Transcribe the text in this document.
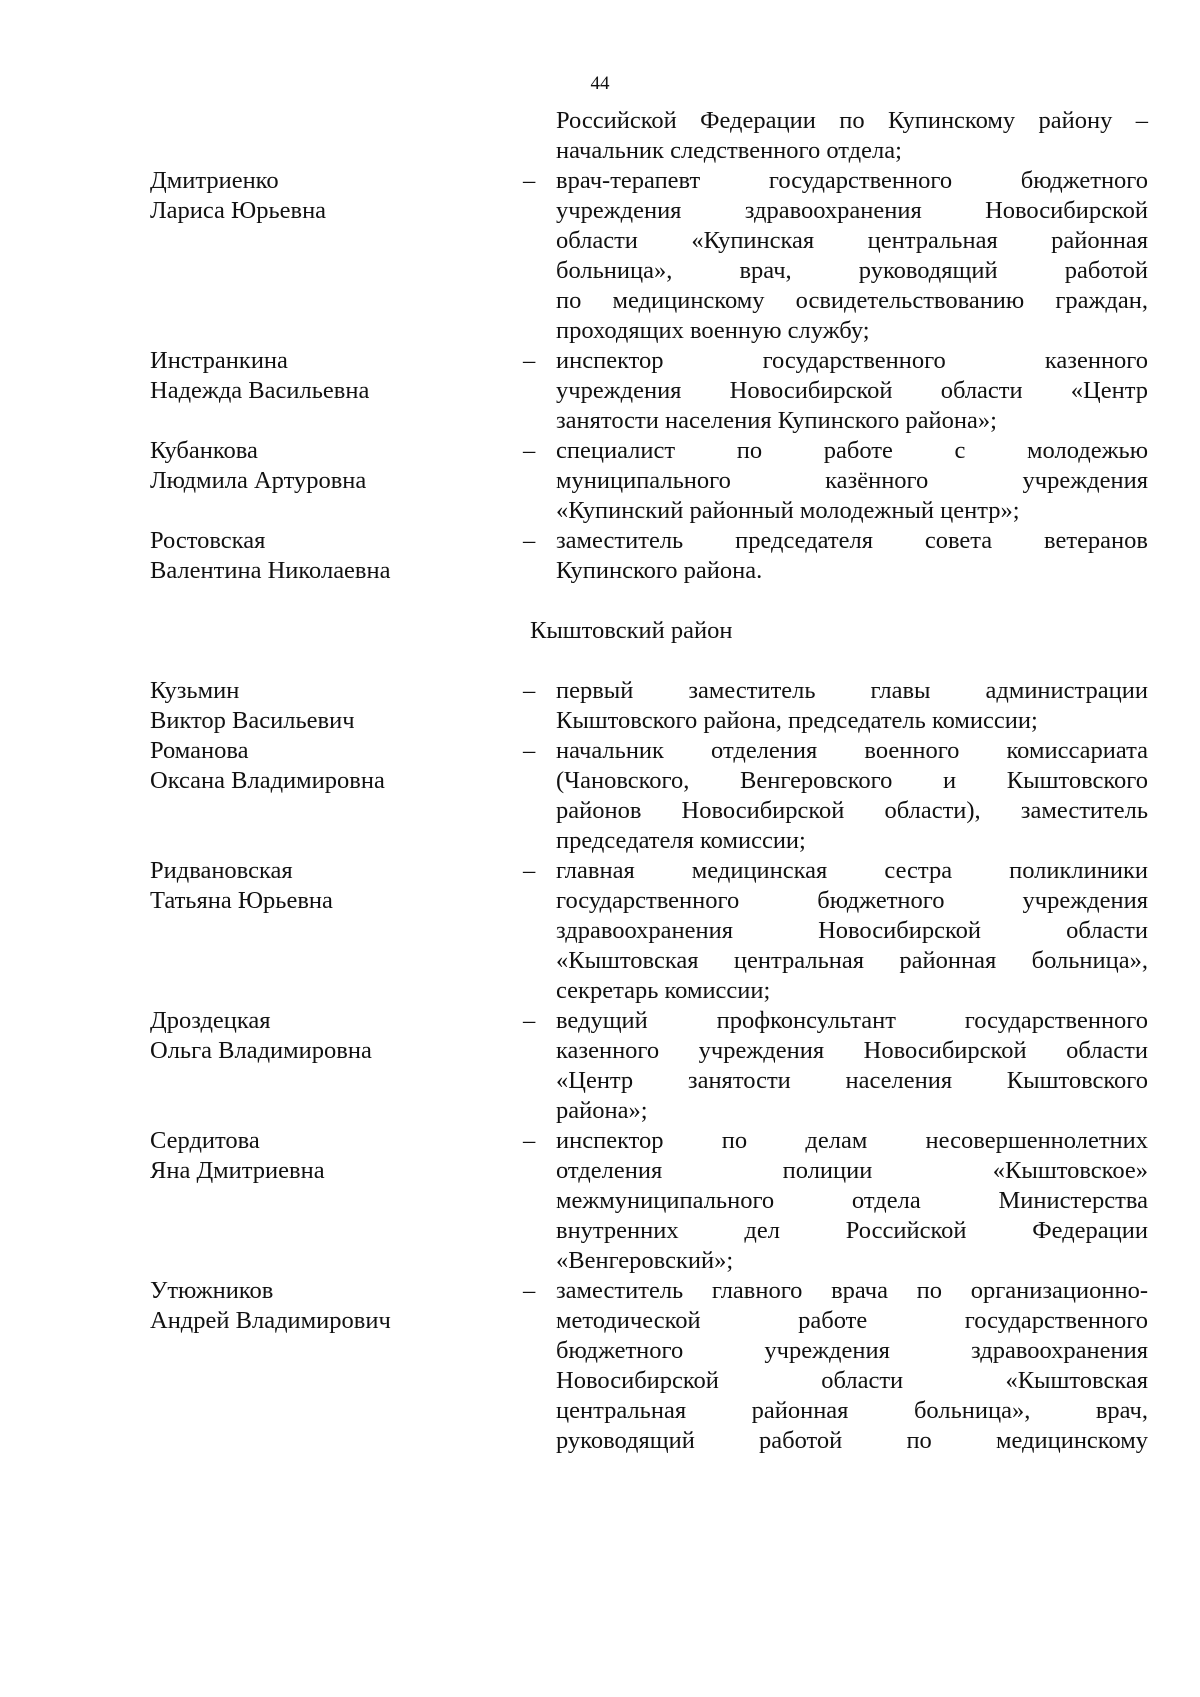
44
Российской Федерации по Купинскому району –
начальник следственного отдела;
Дмитриенко
Лариса Юрьевна
– врач-терапевт государственного бюджетного
учреждения здравоохранения Новосибирской
области «Купинская центральная районная
больница», врач, руководящий работой
по медицинскому освидетельствованию граждан,
проходящих военную службу;
Инстранкина
Надежда Васильевна
– инспектор государственного казенного
учреждения Новосибирской области «Центр
занятости населения Купинского района»;
Кубанкова
Людмила Артуровна
– специалист по работе с молодежью
муниципального казённого учреждения
«Купинский районный молодежный центр»;
Ростовская
Валентина Николаевна
– заместитель председателя совета ветеранов
Купинского района.
Кыштовский район
Кузьмин
Виктор Васильевич
– первый заместитель главы администрации
Кыштовского района, председатель комиссии;
Романова
Оксана Владимировна
– начальник отделения военного комиссариата
(Чановского, Венгеровского и Кыштовского
районов Новосибирской области), заместитель
председателя комиссии;
Ридвановская
Татьяна Юрьевна
– главная медицинская сестра поликлиники
государственного бюджетного учреждения
здравоохранения Новосибирской области
«Кыштовская центральная районная больница»,
секретарь комиссии;
Дроздецкая
Ольга Владимировна
– ведущий профконсультант государственного
казенного учреждения Новосибирской области
«Центр занятости населения Кыштовского
района»;
Сердитова
Яна Дмитриевна
– инспектор по делам несовершеннолетних
отделения полиции «Кыштовское»
межмуниципального отдела Министерства
внутренних дел Российской Федерации
«Венгеровский»;
Утюжников
Андрей Владимирович
– заместитель главного врача по организационно-
методической работе государственного
бюджетного учреждения здравоохранения
Новосибирской области «Кыштовская
центральная районная больница», врач,
руководящий работой по медицинскому
